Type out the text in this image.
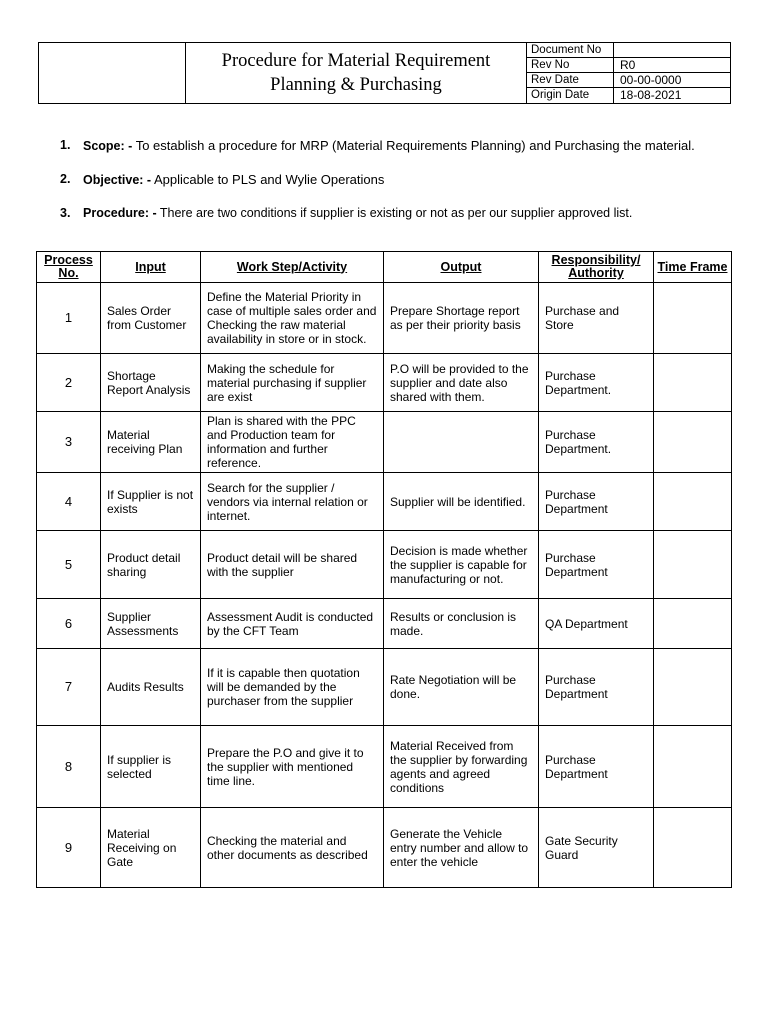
Procedure for Material Requirement
Planning & Purchasing
Document No
Rev No	R0
Rev Date	00-00-0000
Origin Date	18-08-2021
1.	Scope: - To establish a procedure for MRP (Material Requirements Planning) and Purchasing the material.
2.	Objective: - Applicable to PLS and Wylie Operations
3.	Procedure: - There are two conditions if supplier is existing or not as per our supplier approved list.
Process No.	Input	Work Step/Activity	Output	Responsibility/ Authority	Time Frame
1	Sales Order from Customer	Define the Material Priority in case of multiple sales order and Checking the raw material availability in store or in stock.	Prepare Shortage report as per their priority basis	Purchase and Store	
2	Shortage Report Analysis	Making the schedule for material purchasing if supplier are exist	P.O will be provided to the supplier and date also shared with them.	Purchase Department.	
3	Material receiving Plan	Plan is shared with the PPC and Production team for information and further reference.		Purchase Department.	
4	If Supplier is not exists	Search for the supplier / vendors via internal relation or internet.	Supplier will be identified.	Purchase Department	
5	Product detail sharing	Product detail will be shared with the supplier	Decision is made whether the supplier is capable for manufacturing or not.	Purchase Department	
6	Supplier Assessments	Assessment Audit is conducted by the CFT Team	Results or conclusion is made.	QA Department	
7	Audits Results	If it is capable then quotation will be demanded by the purchaser from the supplier	Rate Negotiation will be done.	Purchase Department	
8	If supplier is selected	Prepare the P.O and give it to the supplier with mentioned time line.	Material Received from the supplier by forwarding agents and agreed conditions	Purchase Department	
9	Material Receiving on Gate	Checking the material and other documents as described	Generate the Vehicle entry number and allow to enter the vehicle	Gate Security Guard	
